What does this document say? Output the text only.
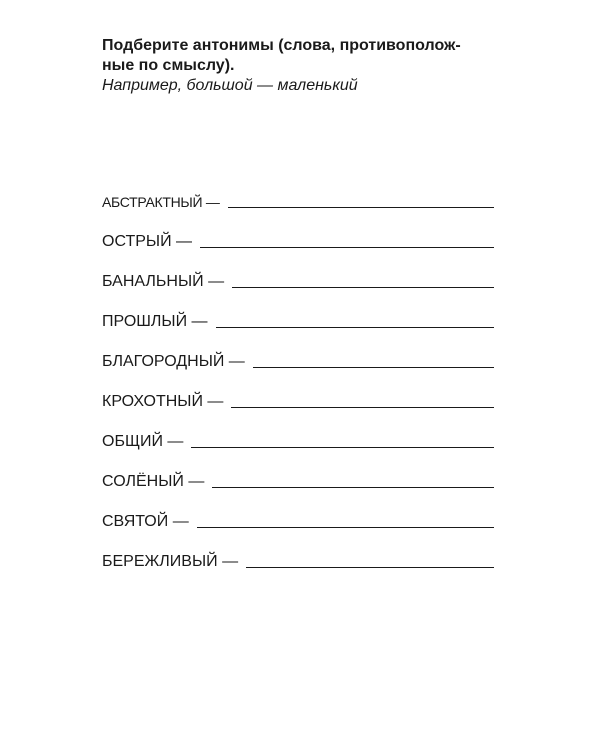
Подберите антонимы (слова, противополож-
ные по смыслу).

Например, большой — маленький

АБСТРАКТНЫЙ —
ОСТРЫЙ —
БАНАЛЬНЫЙ —
ПРОШЛЫЙ —
БЛАГОРОДНЫЙ —
КРОХОТНЫЙ —
ОБЩИЙ —
СОЛЁНЫЙ —
СВЯТОЙ —
БЕРЕЖЛИВЫЙ —
